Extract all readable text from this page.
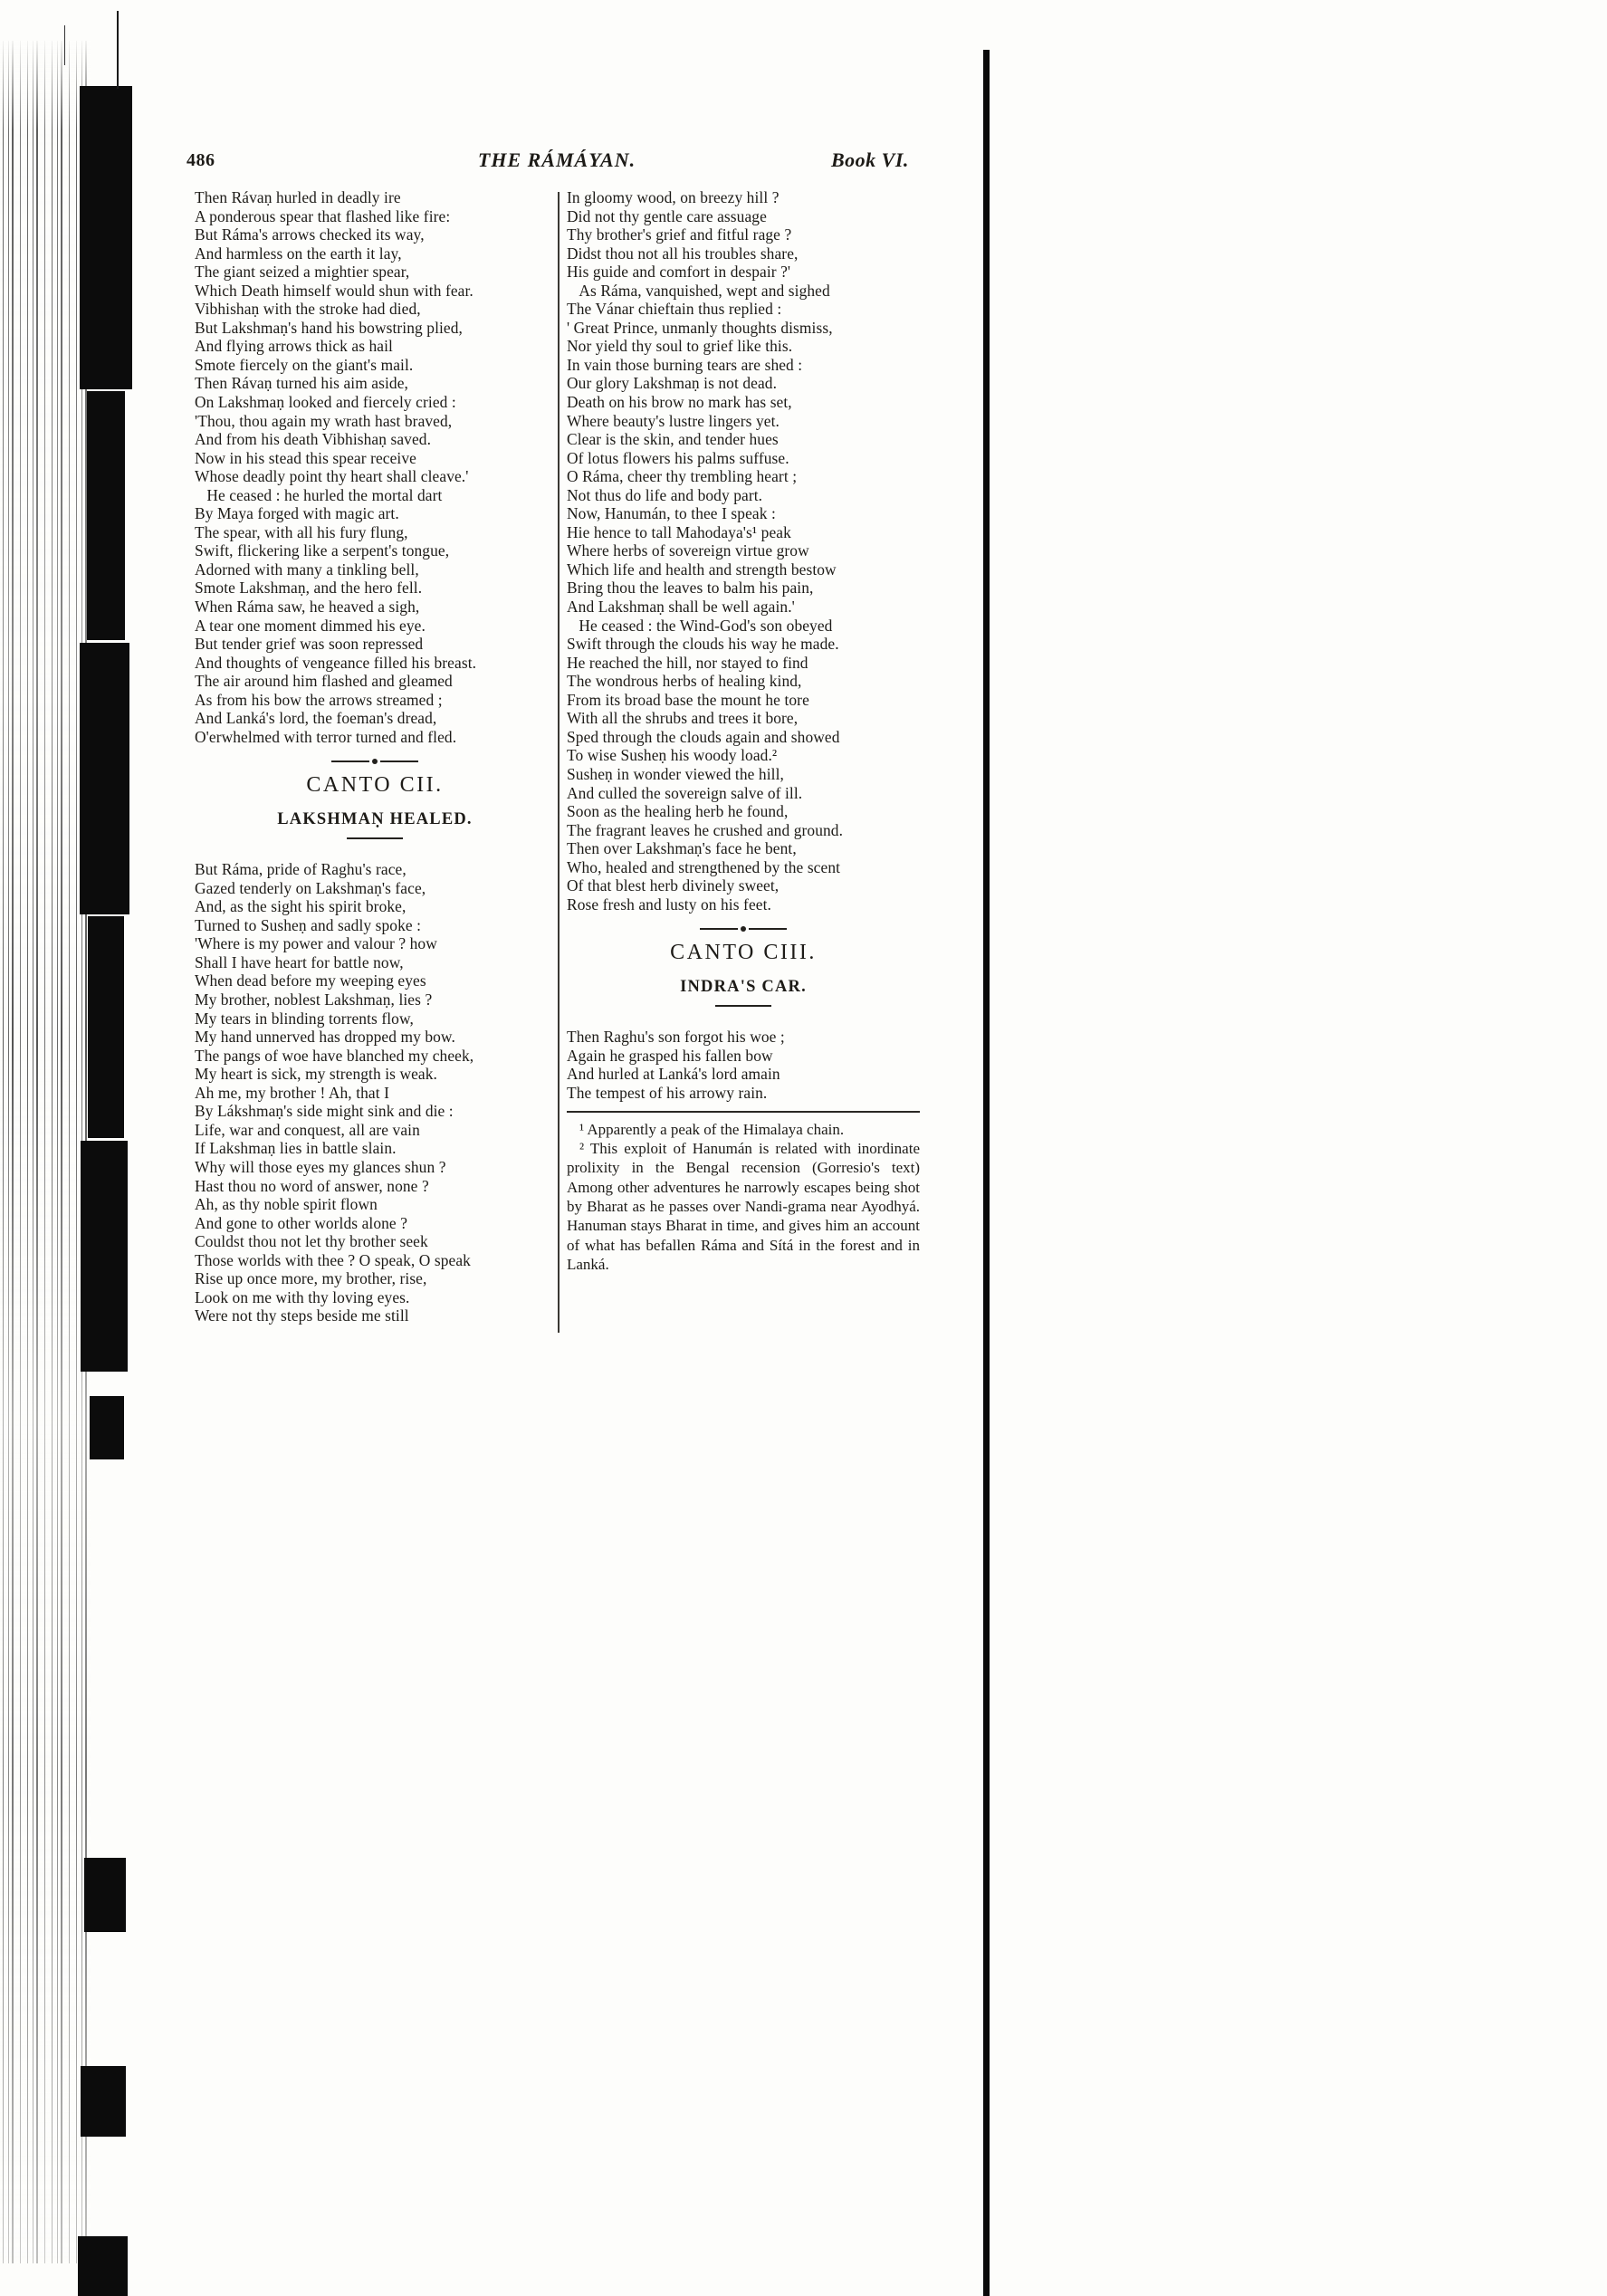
486	THE RÁMÁYAN.	Book VI.
Then Rávaṇ hurled in deadly ire
A ponderous spear that flashed like fire:
But Ráma's arrows checked its way,
And harmless on the earth it lay,
The giant seized a mightier spear,
Which Death himself would shun with fear.
Vibhishaṇ with the stroke had died,
But Lakshmaṇ's hand his bowstring plied,
And flying arrows thick as hail
Smote fiercely on the giant's mail.
Then Rávaṇ turned his aim aside,
On Lakshmaṇ looked and fiercely cried :
'Thou, thou again my wrath hast braved,
And from his death Vibhishaṇ saved.
Now in his stead this spear receive
Whose deadly point thy heart shall cleave.'
He ceased : he hurled the mortal dart
By Maya forged with magic art.
The spear, with all his fury flung,
Swift, flickering like a serpent's tongue,
Adorned with many a tinkling bell,
Smote Lakshmaṇ, and the hero fell.
When Ráma saw, he heaved a sigh,
A tear one moment dimmed his eye.
But tender grief was soon repressed
And thoughts of vengeance filled his breast.
The air around him flashed and gleamed
As from his bow the arrows streamed ;
And Lanká's lord, the foeman's dread,
O'erwhelmed with terror turned and fled.
CANTO CII.
LAKSHMAṆ HEALED.
But Ráma, pride of Raghu's race,
Gazed tenderly on Lakshmaṇ's face,
And, as the sight his spirit broke,
Turned to Susheṇ and sadly spoke :
'Where is my power and valour ? how
Shall I have heart for battle now,
When dead before my weeping eyes
My brother, noblest Lakshmaṇ, lies ?
My tears in blinding torrents flow,
My hand unnerved has dropped my bow.
The pangs of woe have blanched my cheek,
My heart is sick, my strength is weak.
Ah me, my brother ! Ah, that I
By Lákshmaṇ's side might sink and die :
Life, war and conquest, all are vain
If Lakshmaṇ lies in battle slain.
Why will those eyes my glances shun ?
Hast thou no word of answer, none ?
Ah, as thy noble spirit flown
And gone to other worlds alone ?
Couldst thou not let thy brother seek
Those worlds with thee ? O speak, O speak
Rise up once more, my brother, rise,
Look on me with thy loving eyes.
Were not thy steps beside me still
In gloomy wood, on breezy hill ?
Did not thy gentle care assuage
Thy brother's grief and fitful rage ?
Didst thou not all his troubles share,
His guide and comfort in despair ?'
As Ráma, vanquished, wept and sighed
The Vánar chieftain thus replied :
' Great Prince, unmanly thoughts dismiss,
Nor yield thy soul to grief like this.
In vain those burning tears are shed :
Our glory Lakshmaṇ is not dead.
Death on his brow no mark has set,
Where beauty's lustre lingers yet.
Clear is the skin, and tender hues
Of lotus flowers his palms suffuse.
O Ráma, cheer thy trembling heart ;
Not thus do life and body part.
Now, Hanumán, to thee I speak :
Hie hence to tall Mahodaya's¹ peak
Where herbs of sovereign virtue grow
Which life and health and strength bestow
Bring thou the leaves to balm his pain,
And Lakshmaṇ shall be well again.'
He ceased : the Wind-God's son obeyed
Swift through the clouds his way he made.
He reached the hill, nor stayed to find
The wondrous herbs of healing kind,
From its broad base the mount he tore
With all the shrubs and trees it bore,
Sped through the clouds again and showed
To wise Susheṇ his woody load.²
Susheṇ in wonder viewed the hill,
And culled the sovereign salve of ill.
Soon as the healing herb he found,
The fragrant leaves he crushed and ground.
Then over Lakshmaṇ's face he bent,
Who, healed and strengthened by the scent
Of that blest herb divinely sweet,
Rose fresh and lusty on his feet.
CANTO CIII.
INDRA'S CAR.
Then Raghu's son forgot his woe ;
Again he grasped his fallen bow
And hurled at Lanká's lord amain
The tempest of his arrowy rain.
¹ Apparently a peak of the Himalaya chain.
² This exploit of Hanumán is related with inordinate prolixity in the Bengal recension (Gorresio's text) Among other adventures he narrowly escapes being shot by Bharat as he passes over Nandi-grama near Ayodhyá. Hanuman stays Bharat in time, and gives him an account of what has befallen Ráma and Sítá in the forest and in Lanká.
